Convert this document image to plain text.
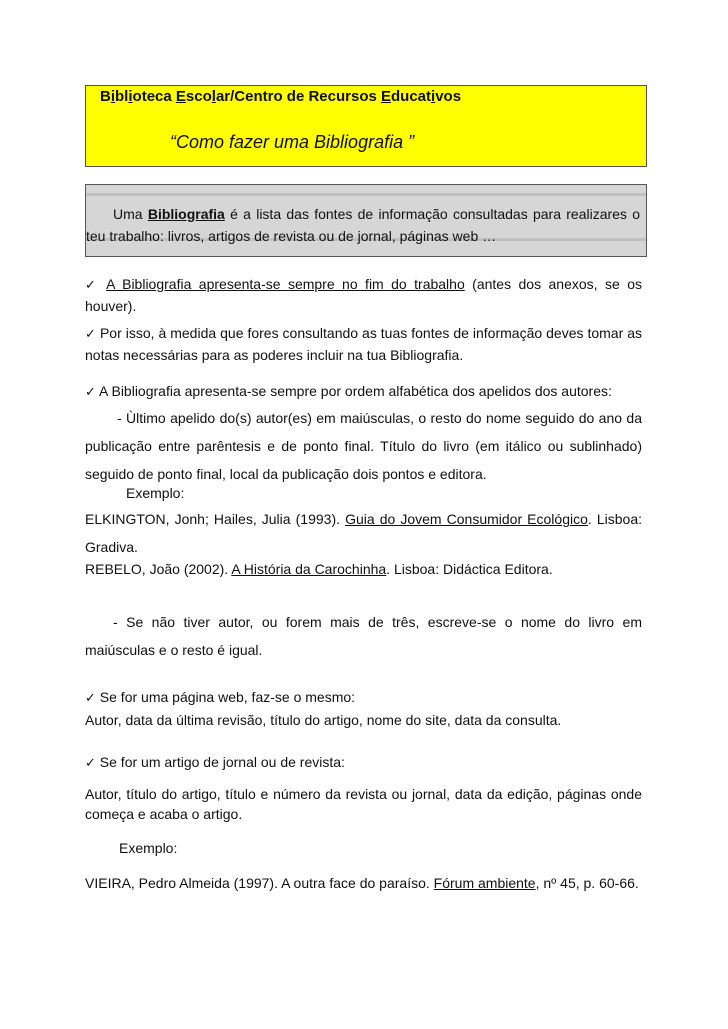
Biblioteca Escolar/Centro de Recursos Educativos
“Como fazer uma Bibliografia ”
Uma Bibliografia é a lista das fontes de informação consultadas para realizares o teu trabalho: livros, artigos de revista ou de jornal, páginas web …
✓ A Bibliografia apresenta-se sempre no fim do trabalho (antes dos anexos, se os houver).
✓ Por isso, à medida que fores consultando as tuas fontes de informação deves tomar as notas necessárias para as poderes incluir na tua Bibliografia.
✓ A Bibliografia apresenta-se sempre por ordem alfabética dos apelidos dos autores:
- Ùltimo apelido do(s) autor(es) em maiúsculas, o resto do nome seguido do ano da publicação entre parêntesis e de ponto final. Título do livro (em itálico ou sublinhado) seguido de ponto final, local da publicação dois pontos e editora.
Exemplo:
ELKINGTON, Jonh; Hailes, Julia (1993). Guia do Jovem Consumidor Ecológico. Lisboa: Gradiva.
REBELO, João (2002). A História da Carochinha. Lisboa: Didáctica Editora.
- Se não tiver autor, ou forem mais de três, escreve-se o nome do livro em maiúsculas e o resto é igual.
✓ Se for uma página web, faz-se o mesmo:
Autor, data da última revisão, título do artigo, nome do site, data da consulta.
✓ Se for um artigo de jornal ou de revista:
Autor, título do artigo, título e número da revista ou jornal, data da edição, páginas onde começa e acaba o artigo.
Exemplo:
VIEIRA, Pedro Almeida (1997). A outra face do paraíso. Fórum ambiente, nº 45, p. 60-66.
